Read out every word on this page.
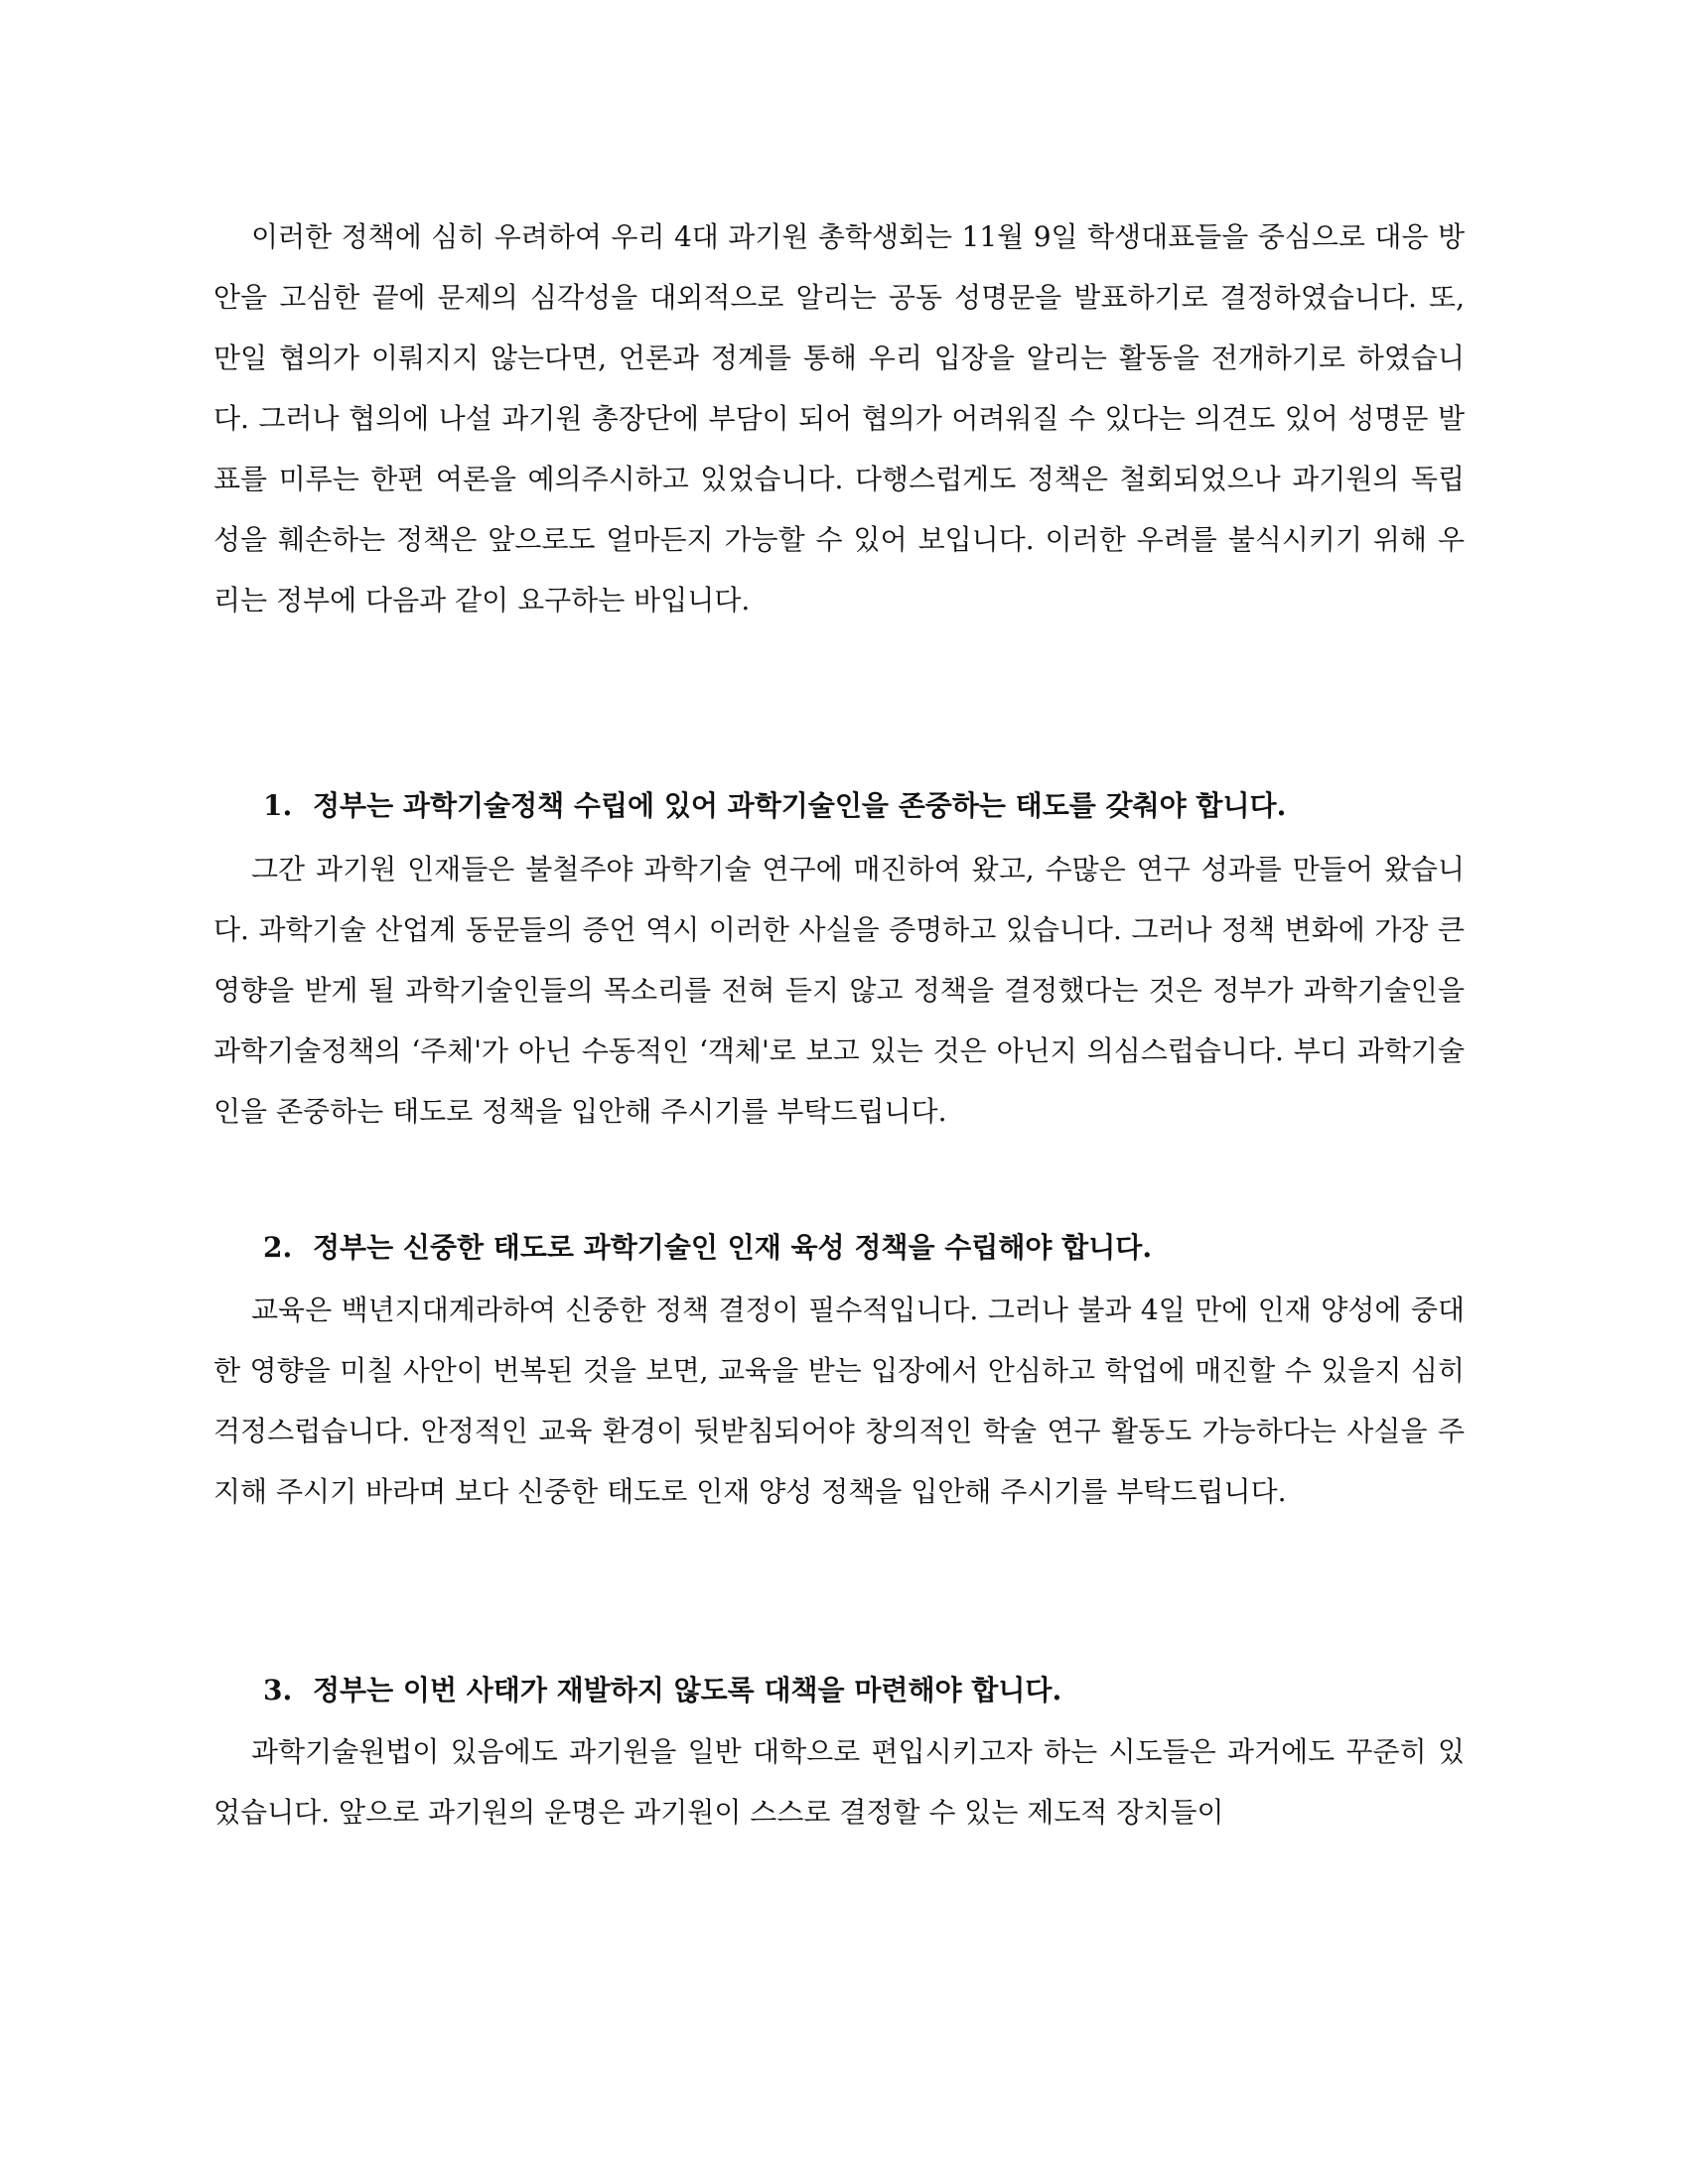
이러한 정책에 심히 우려하여 우리 4대 과기원 총학생회는 11월 9일 학생대표들을 중심으로 대응 방안을 고심한 끝에 문제의 심각성을 대외적으로 알리는 공동 성명문을 발표하기로 결정하였습니다. 또, 만일 협의가 이뤄지지 않는다면, 언론과 정계를 통해 우리 입장을 알리는 활동을 전개하기로 하였습니다. 그러나 협의에 나설 과기원 총장단에 부담이 되어 협의가 어려워질 수 있다는 의견도 있어 성명문 발표를 미루는 한편 여론을 예의주시하고 있었습니다. 다행스럽게도 정책은 철회되었으나 과기원의 독립성을 훼손하는 정책은 앞으로도 얼마든지 가능할 수 있어 보입니다. 이러한 우려를 불식시키기 위해 우리는 정부에 다음과 같이 요구하는 바입니다.

1. 정부는 과학기술정책 수립에 있어 과학기술인을 존중하는 태도를 갖춰야 합니다.

그간 과기원 인재들은 불철주야 과학기술 연구에 매진하여 왔고, 수많은 연구 성과를 만들어 왔습니다. 과학기술 산업계 동문들의 증언 역시 이러한 사실을 증명하고 있습니다. 그러나 정책 변화에 가장 큰 영향을 받게 될 과학기술인들의 목소리를 전혀 듣지 않고 정책을 결정했다는 것은 정부가 과학기술인을 과학기술정책의 ‘주체'가 아닌 수동적인 ‘객체'로 보고 있는 것은 아닌지 의심스럽습니다. 부디 과학기술인을 존중하는 태도로 정책을 입안해 주시기를 부탁드립니다.

2. 정부는 신중한 태도로 과학기술인 인재 육성 정책을 수립해야 합니다.

교육은 백년지대계라하여 신중한 정책 결정이 필수적입니다. 그러나 불과 4일 만에 인재 양성에 중대한 영향을 미칠 사안이 번복된 것을 보면, 교육을 받는 입장에서 안심하고 학업에 매진할 수 있을지 심히 걱정스럽습니다. 안정적인 교육 환경이 뒷받침되어야 창의적인 학술 연구 활동도 가능하다는 사실을 주지해 주시기 바라며 보다 신중한 태도로 인재 양성 정책을 입안해 주시기를 부탁드립니다.

3. 정부는 이번 사태가 재발하지 않도록 대책을 마련해야 합니다.

과학기술원법이 있음에도 과기원을 일반 대학으로 편입시키고자 하는 시도들은 과거에도 꾸준히 있었습니다. 앞으로 과기원의 운명은 과기원이 스스로 결정할 수 있는 제도적 장치들이
